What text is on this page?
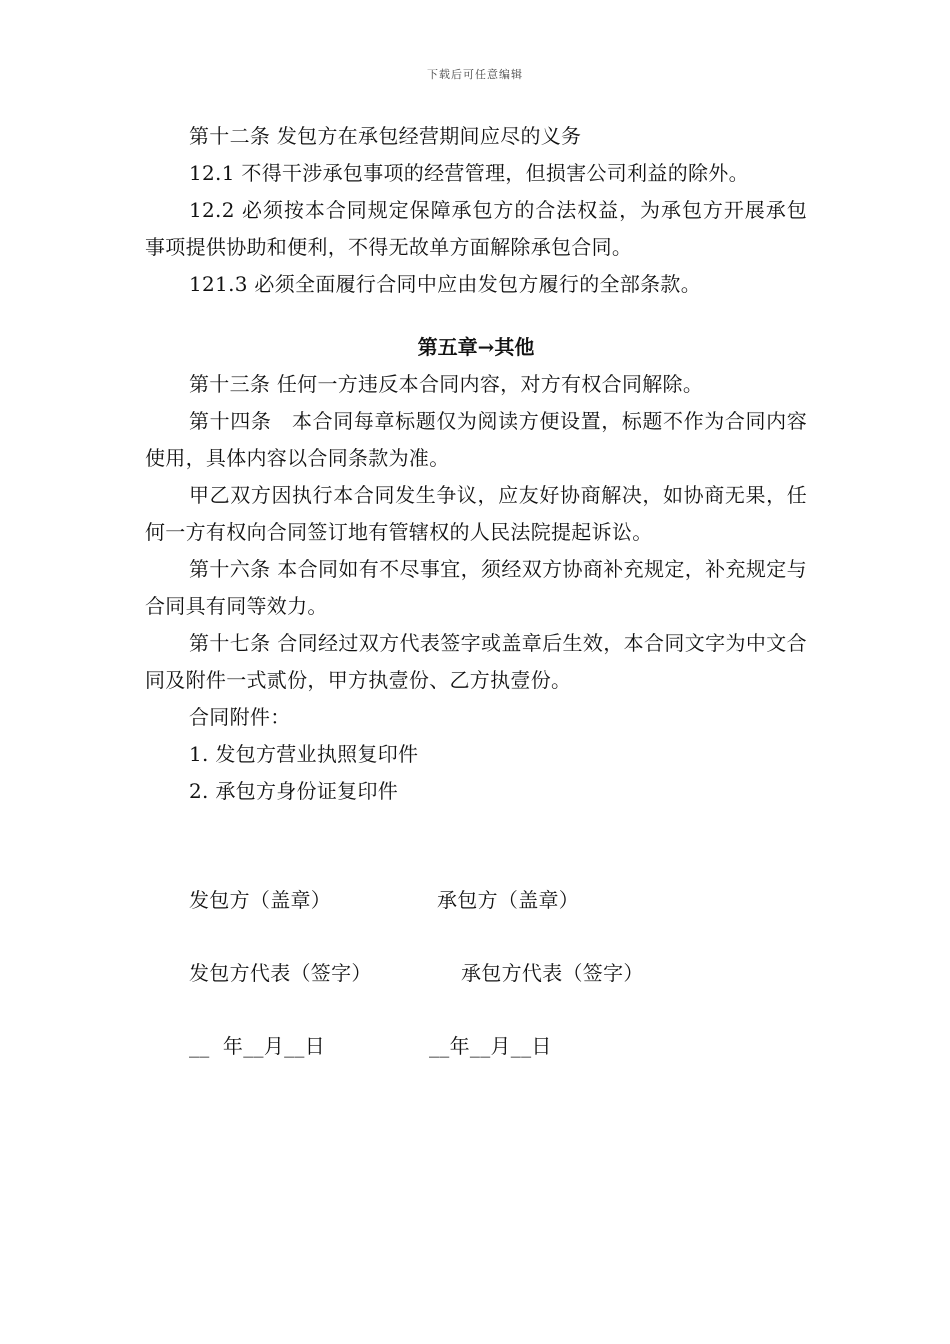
下载后可任意编辑

第十二条 发包方在承包经营期间应尽的义务

12.1 不得干涉承包事项的经营管理，但损害公司利益的除外。

12.2 必须按本合同规定保障承包方的合法权益，为承包方开展承包事项提供协助和便利，不得无故单方面解除承包合同。

121.3 必须全面履行合同中应由发包方履行的全部条款。

第五章→其他

第十三条 任何一方违反本合同内容，对方有权合同解除。

第十四条　本合同每章标题仅为阅读方便设置，标题不作为合同内容使用，具体内容以合同条款为准。

甲乙双方因执行本合同发生争议，应友好协商解决，如协商无果，任何一方有权向合同签订地有管辖权的人民法院提起诉讼。

第十六条 本合同如有不尽事宜，须经双方协商补充规定，补充规定与合同具有同等效力。

第十七条 合同经过双方代表签字或盖章后生效，本合同文字为中文合同及附件一式贰份，甲方执壹份、乙方执壹份。

合同附件：

1. 发包方营业执照复印件

2. 承包方身份证复印件

发包方（盖章）	承包方（盖章）
发包方代表（签字）	承包方代表（签字）
__  年__月__日	__年__月__日
